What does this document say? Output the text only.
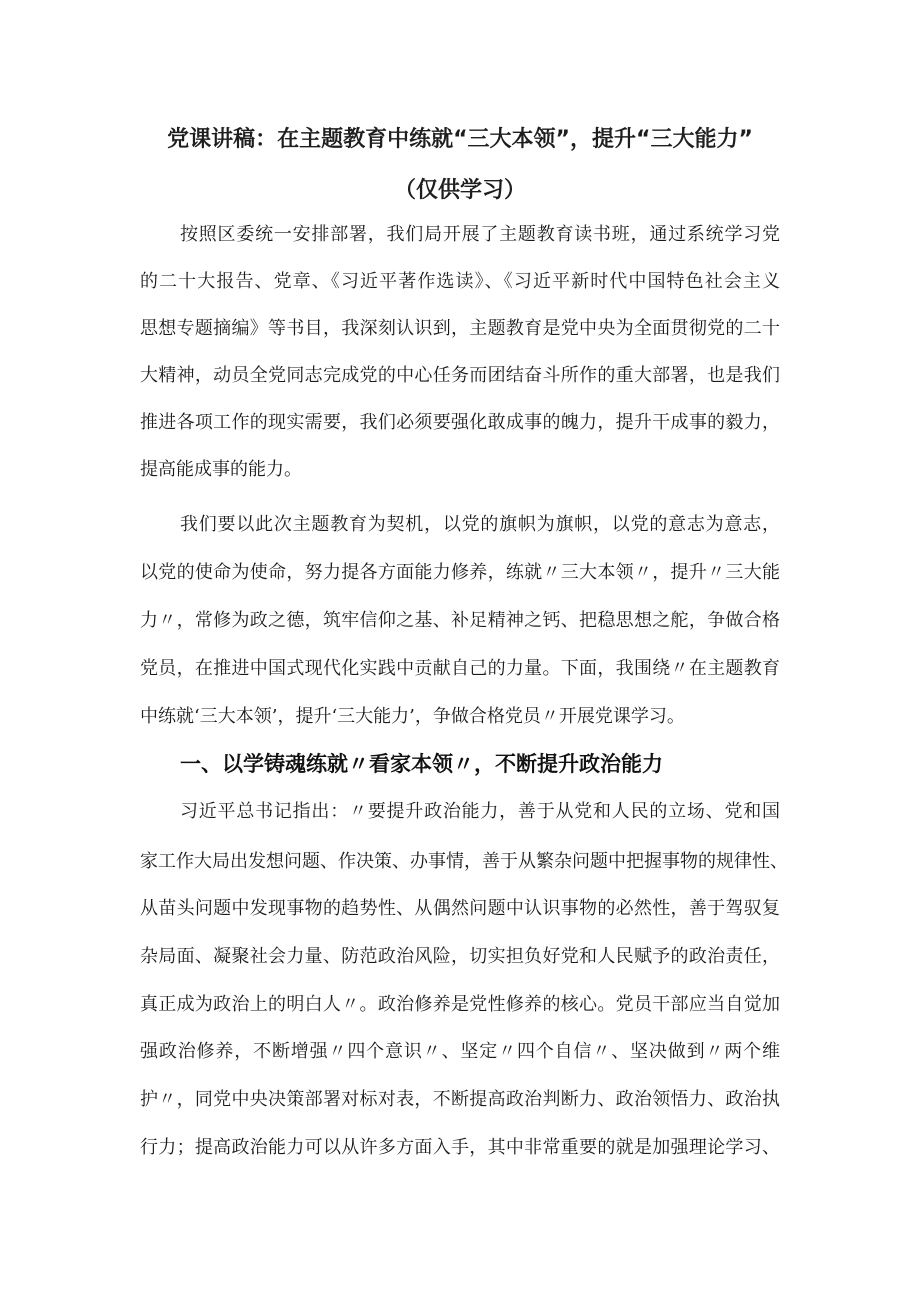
党课讲稿：在主题教育中练就“三大本领”，提升“三大能力”
（仅供学习）
按照区委统一安排部署，我们局开展了主题教育读书班，通过系统学习党
的二十大报告、党章、《习近平著作选读》、《习近平新时代中国特色社会主义
思想专题摘编》等书目，我深刻认识到，主题教育是党中央为全面贯彻党的二十
大精神，动员全党同志完成党的中心任务而团结奋斗所作的重大部署，也是我们
推进各项工作的现实需要，我们必须要强化敢成事的魄力，提升干成事的毅力，
提高能成事的能力。
我们要以此次主题教育为契机，以党的旗帜为旗帜，以党的意志为意志，
以党的使命为使命，努力提各方面能力修养，练就〃三大本领〃，提升〃三大能
力〃，常修为政之德，筑牢信仰之基、补足精神之钙、把稳思想之舵，争做合格
党员，在推进中国式现代化实践中贡献自己的力量。下面，我围绕〃在主题教育
中练就‘三大本领’，提升‘三大能力’，争做合格党员〃开展党课学习。
一、以学铸魂练就〃看家本领〃，不断提升政治能力
习近平总书记指出：〃要提升政治能力，善于从党和人民的立场、党和国
家工作大局出发想问题、作决策、办事情，善于从繁杂问题中把握事物的规律性、
从苗头问题中发现事物的趋势性、从偶然问题中认识事物的必然性，善于驾驭复
杂局面、凝聚社会力量、防范政治风险，切实担负好党和人民赋予的政治责任，
真正成为政治上的明白人〃。政治修养是党性修养的核心。党员干部应当自觉加
强政治修养，不断增强〃四个意识〃、坚定〃四个自信〃、坚决做到〃两个维
护〃，同党中央决策部署对标对表，不断提高政治判断力、政治领悟力、政治执
行力；提高政治能力可以从许多方面入手，其中非常重要的就是加强理论学习、
